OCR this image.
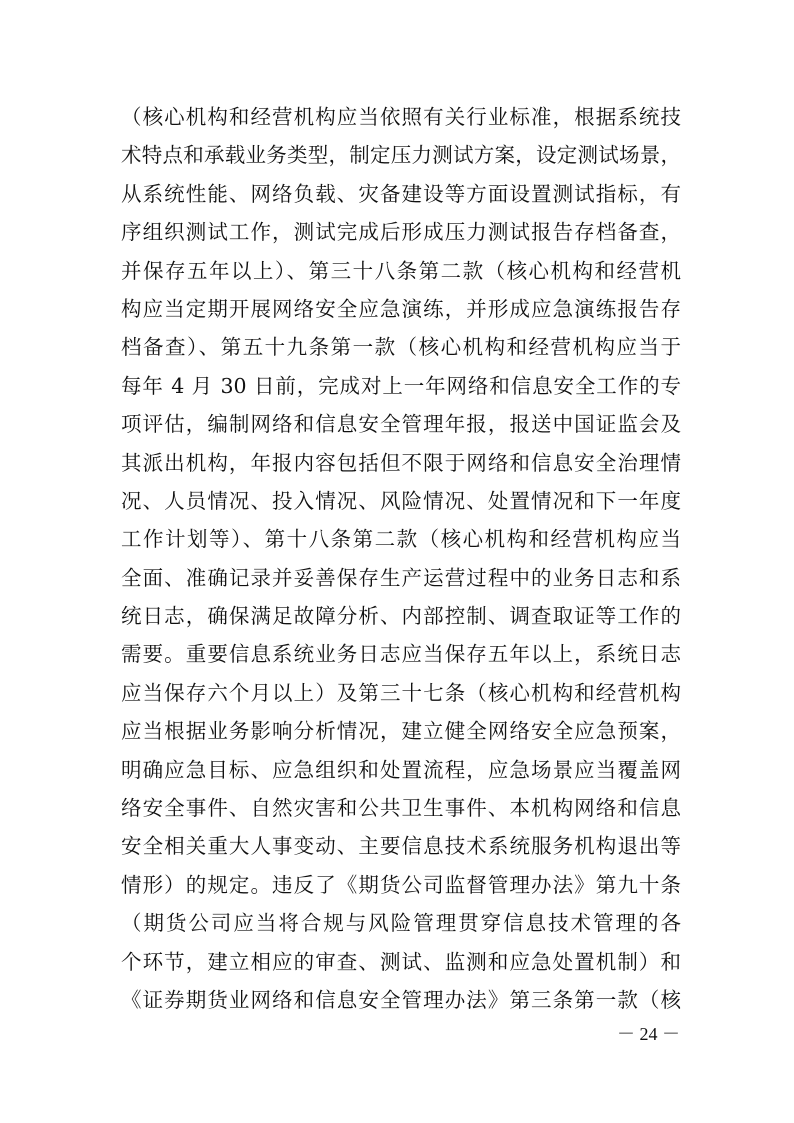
（核心机构和经营机构应当依照有关行业标准，根据系统技
术特点和承载业务类型，制定压力测试方案，设定测试场景，
从系统性能、网络负载、灾备建设等方面设置测试指标，有
序组织测试工作，测试完成后形成压力测试报告存档备查，
并保存五年以上）、第三十八条第二款（核心机构和经营机
构应当定期开展网络安全应急演练，并形成应急演练报告存
档备查）、第五十九条第一款（核心机构和经营机构应当于
每年 4 月 30 日前，完成对上一年网络和信息安全工作的专
项评估，编制网络和信息安全管理年报，报送中国证监会及
其派出机构，年报内容包括但不限于网络和信息安全治理情
况、人员情况、投入情况、风险情况、处置情况和下一年度
工作计划等）、第十八条第二款（核心机构和经营机构应当
全面、准确记录并妥善保存生产运营过程中的业务日志和系
统日志，确保满足故障分析、内部控制、调查取证等工作的
需要。重要信息系统业务日志应当保存五年以上，系统日志
应当保存六个月以上）及第三十七条（核心机构和经营机构
应当根据业务影响分析情况，建立健全网络安全应急预案，
明确应急目标、应急组织和处置流程，应急场景应当覆盖网
络安全事件、自然灾害和公共卫生事件、本机构网络和信息
安全相关重大人事变动、主要信息技术系统服务机构退出等
情形）的规定。违反了《期货公司监督管理办法》第九十条
（期货公司应当将合规与风险管理贯穿信息技术管理的各
个环节，建立相应的审查、测试、监测和应急处置机制）和
《证券期货业网络和信息安全管理办法》第三条第一款（核
－ 24 －
